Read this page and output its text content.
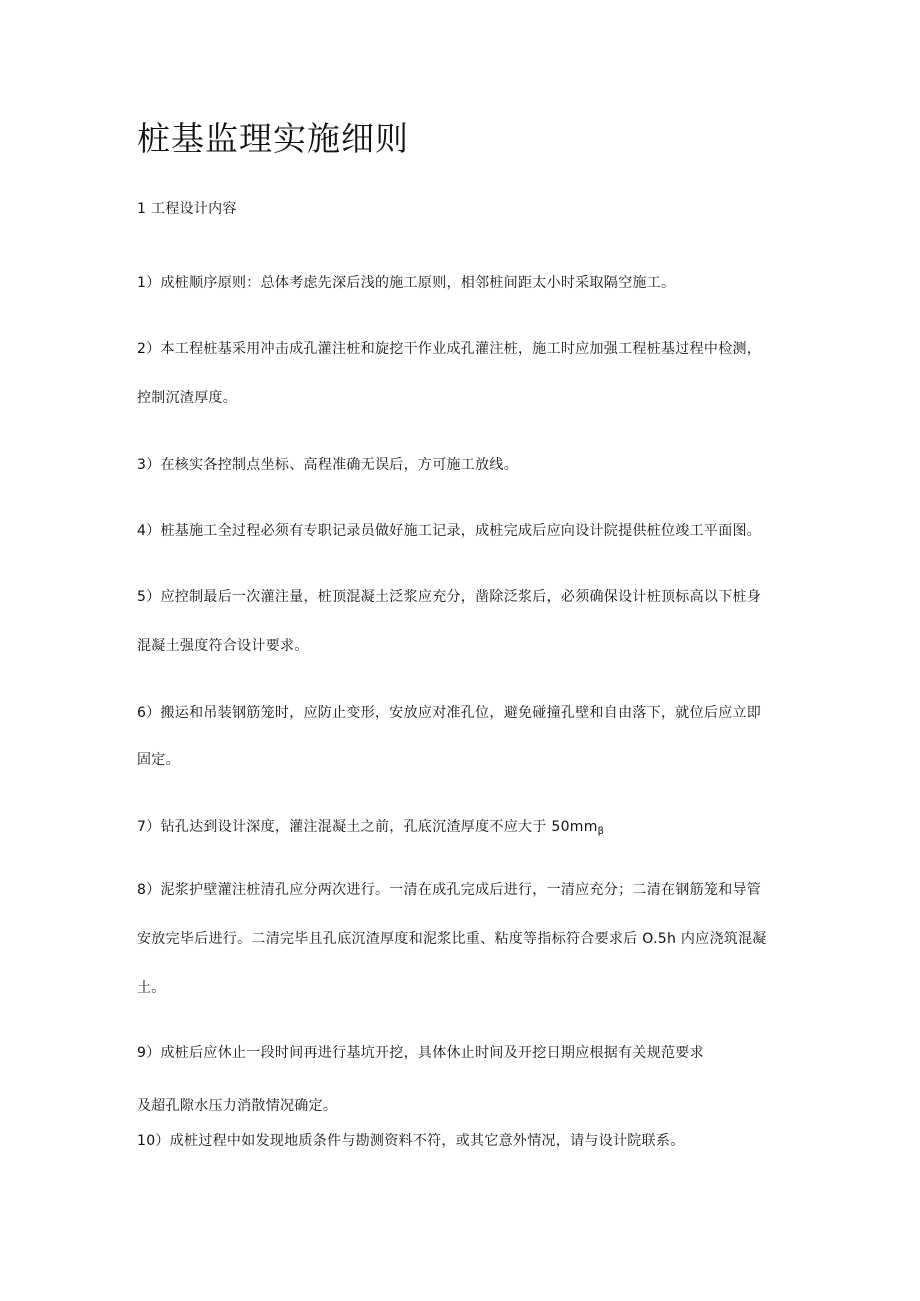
桩基监理实施细则
1 工程设计内容
1）成桩顺序原则：总体考虑先深后浅的施工原则，相邻桩间距太小时采取隔空施工。
2）本工程桩基采用冲击成孔灌注桩和旋挖干作业成孔灌注桩，施工时应加强工程桩基过程中检测，
控制沉渣厚度。
3）在核实各控制点坐标、高程准确无误后，方可施工放线。
4）桩基施工全过程必须有专职记录员做好施工记录，成桩完成后应向设计院提供桩位竣工平面图。
5）应控制最后一次灌注量，桩顶混凝土泛浆应充分，凿除泛浆后，必须确保设计桩顶标高以下桩身
混凝土强度符合设计要求。
6）搬运和吊装钢筋笼时，应防止变形，安放应对准孔位，避免碰撞孔壁和自由落下，就位后应立即
固定。
7）钻孔达到设计深度，灌注混凝土之前，孔底沉渣厚度不应大于 $50mm_\beta$
8）泥浆护壁灌注桩清孔应分两次进行。一清在成孔完成后进行，一清应充分；二清在钢筋笼和导管
安放完毕后进行。二清完毕且孔底沉渣厚度和泥浆比重、粘度等指标符合要求后 O.5h 内应浇筑混凝
土。
9）成桩后应休止一段时间再进行基坑开挖，具体休止时间及开挖日期应根据有关规范要求
及超孔隙水压力消散情况确定。
10）成桩过程中如发现地质条件与勘测资料不符，或其它意外情况，请与设计院联系。
